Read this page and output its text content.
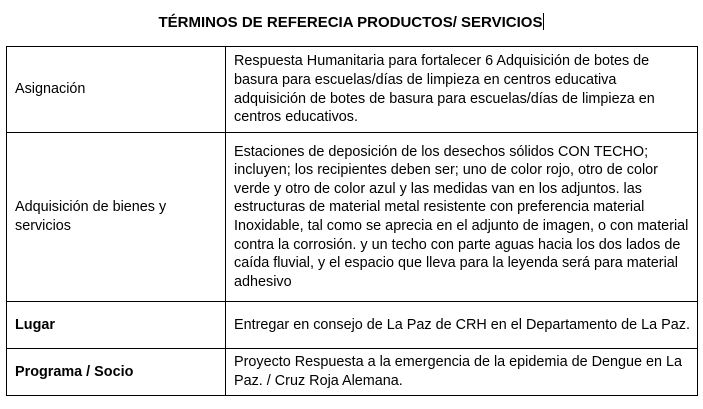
TÉRMINOS DE REFERECIA PRODUCTOS/ SERVICIOS
Asignación	Respuesta Humanitaria para fortalecer 6 Adquisición de botes de basura para escuelas/días de limpieza en centros educativa adquisición de botes de basura para escuelas/días de limpieza en centros educativos.
Adquisición de bienes y servicios	Estaciones de deposición de los desechos sólidos CON TECHO; incluyen; los recipientes deben ser; uno de color rojo, otro de color verde y otro de color azul y las medidas van en los adjuntos. las estructuras de material metal resistente con preferencia material Inoxidable, tal como se aprecia en el adjunto de imagen, o con material contra la corrosión. y un techo con parte aguas hacia los dos lados de caída fluvial, y el espacio que lleva para la leyenda será para material adhesivo
Lugar	Entregar en consejo de La Paz de CRH en el Departamento de La Paz.
Programa / Socio	Proyecto Respuesta a la emergencia de la epidemia de Dengue en La Paz. / Cruz Roja Alemana.
